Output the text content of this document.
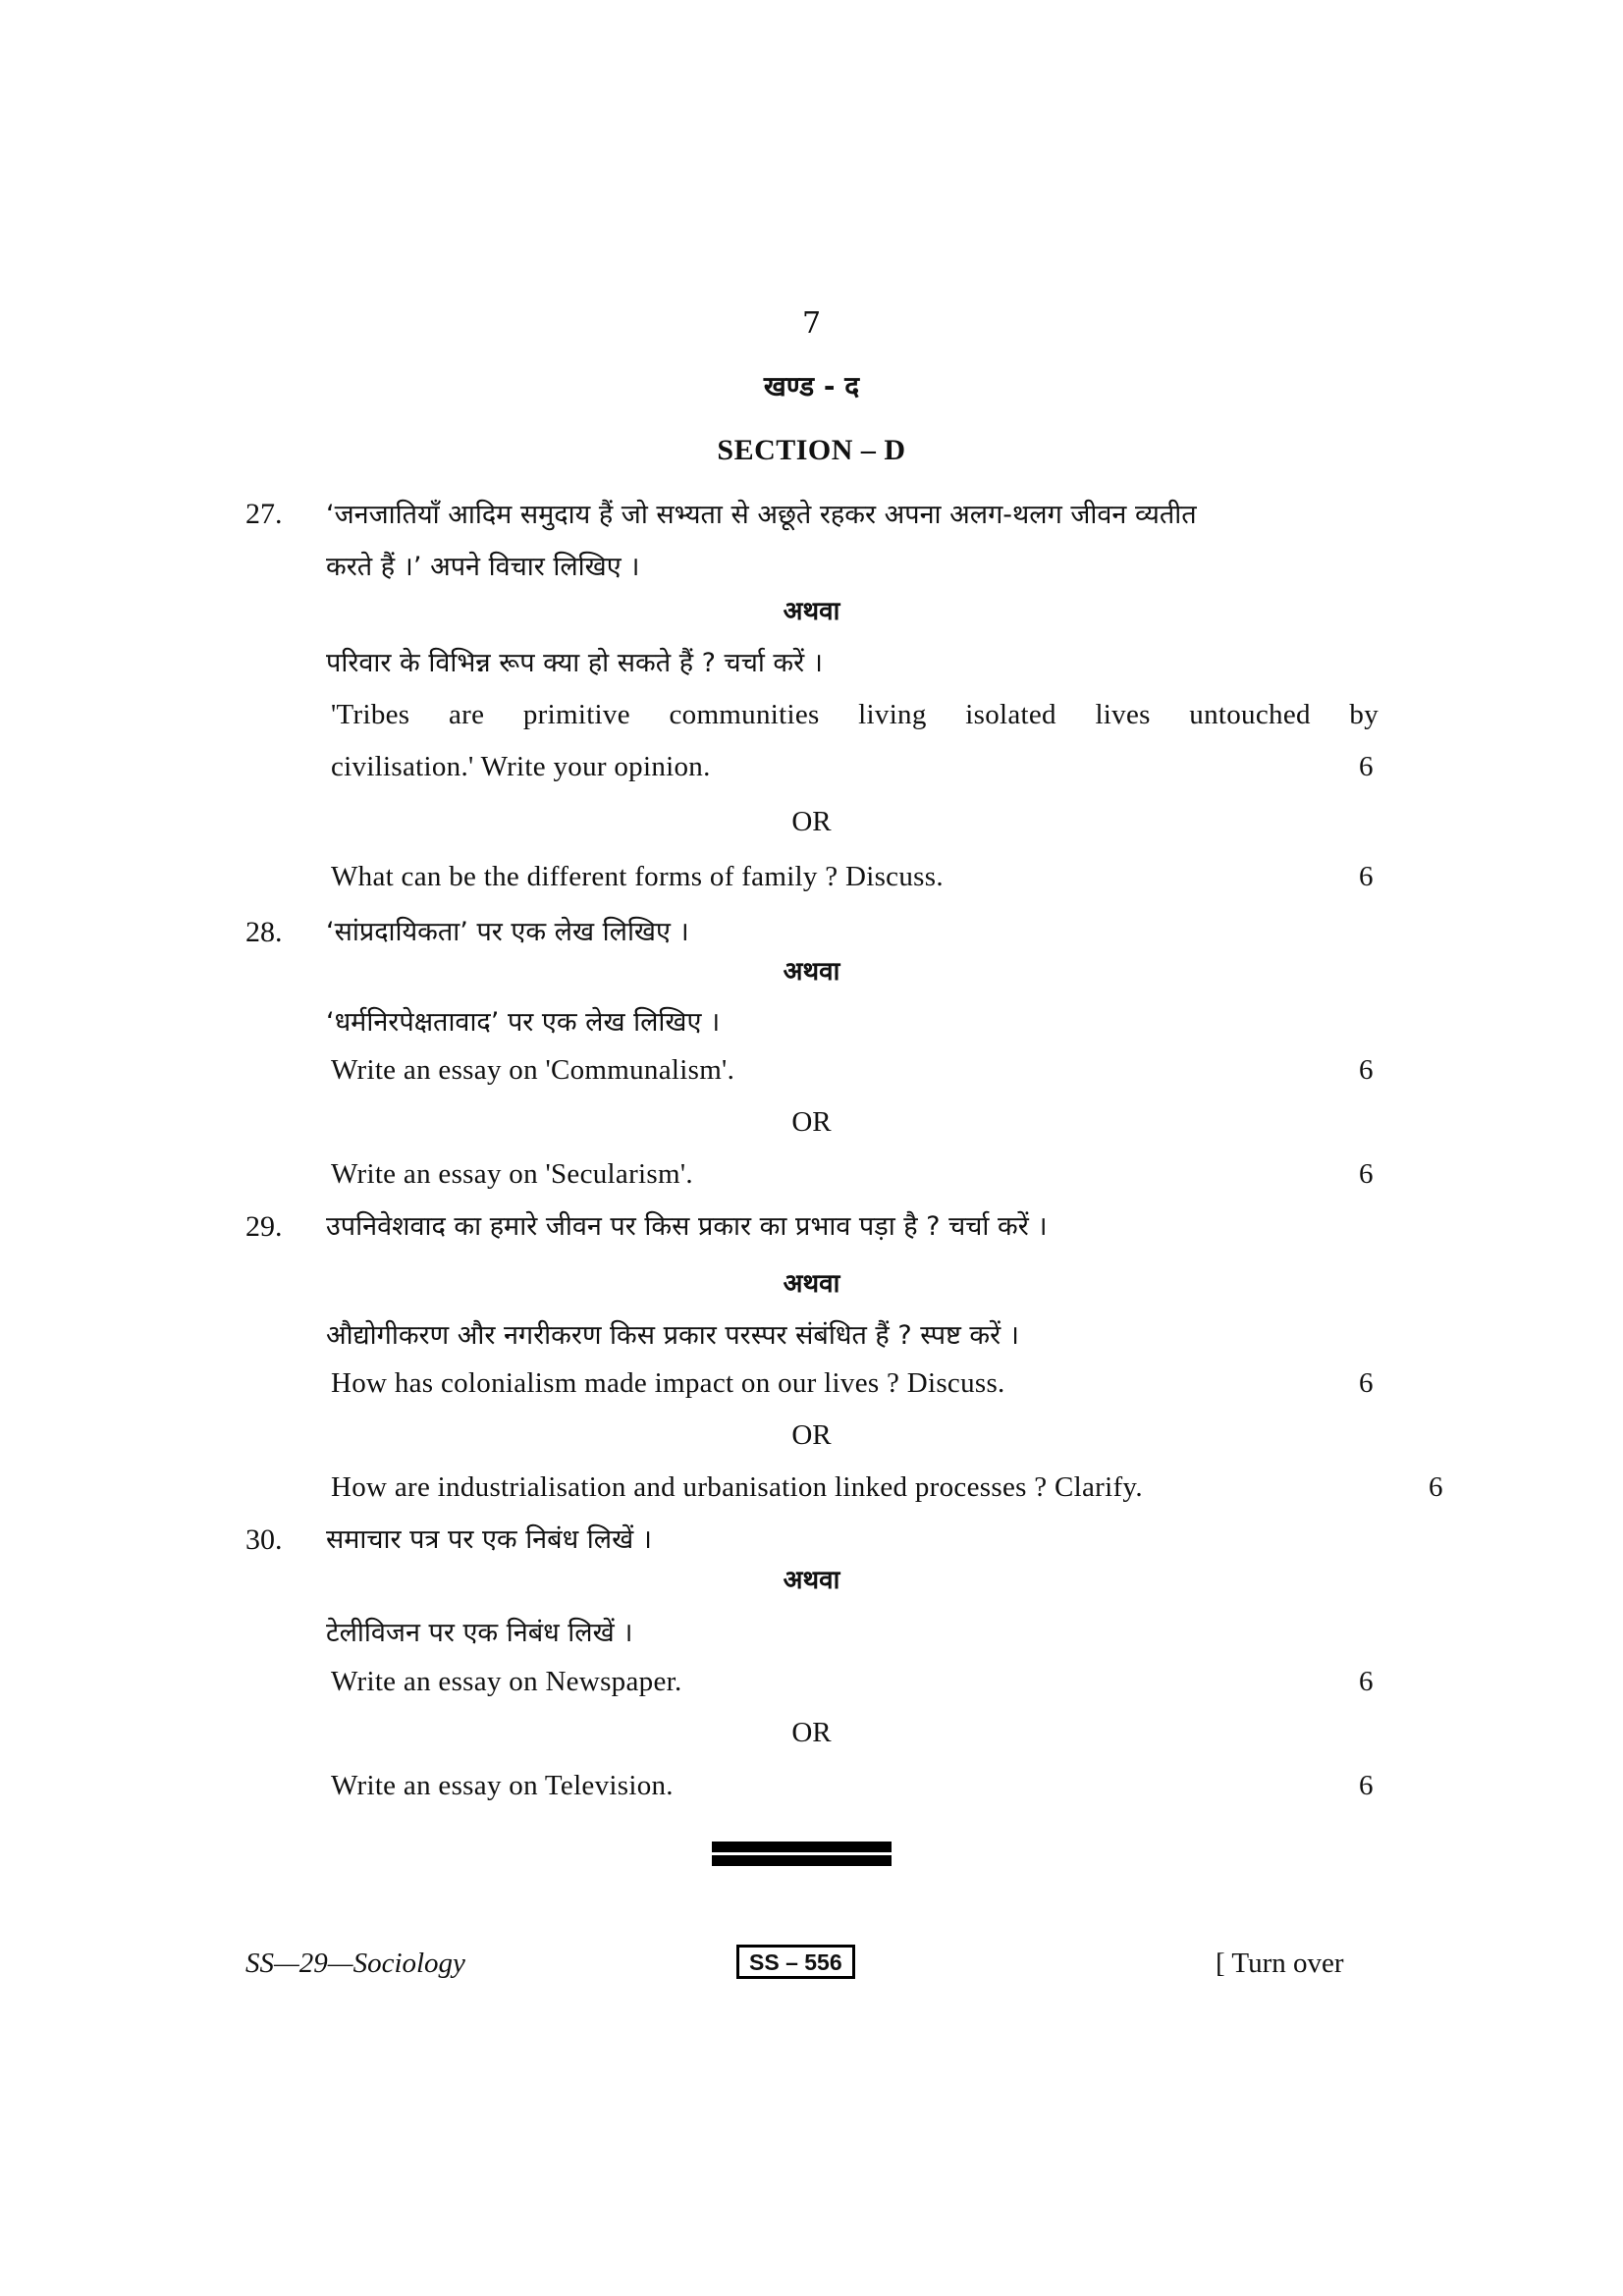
7
खण्ड - द
SECTION – D
27. ‘जनजातियाँ आदिम समुदाय हैं जो सभ्यता से अछूते रहकर अपना अलग-थलग जीवन व्यतीत
करते हैं ।’ अपने विचार लिखिए ।
अथवा
परिवार के विभिन्न रूप क्या हो सकते हैं ? चर्चा करें ।
'Tribes are primitive communities living isolated lives untouched by
civilisation.' Write your opinion.	6
OR
What can be the different forms of family ? Discuss.	6
28. ‘सांप्रदायिकता’ पर एक लेख लिखिए ।
अथवा
‘धर्मनिरपेक्षतावाद’ पर एक लेख लिखिए ।
Write an essay on 'Communalism'.	6
OR
Write an essay on 'Secularism'.	6
29. उपनिवेशवाद का हमारे जीवन पर किस प्रकार का प्रभाव पड़ा है ? चर्चा करें ।
अथवा
औद्योगीकरण और नगरीकरण किस प्रकार परस्पर संबंधित हैं ? स्पष्ट करें ।
How has colonialism made impact on our lives ? Discuss.	6
OR
How are industrialisation and urbanisation linked processes ? Clarify.	6
30. समाचार पत्र पर एक निबंध लिखें ।
अथवा
टेलीविजन पर एक निबंध लिखें ।
Write an essay on Newspaper.	6
OR
Write an essay on Television.	6
SS—29—Sociology	SS – 556	[ Turn over
